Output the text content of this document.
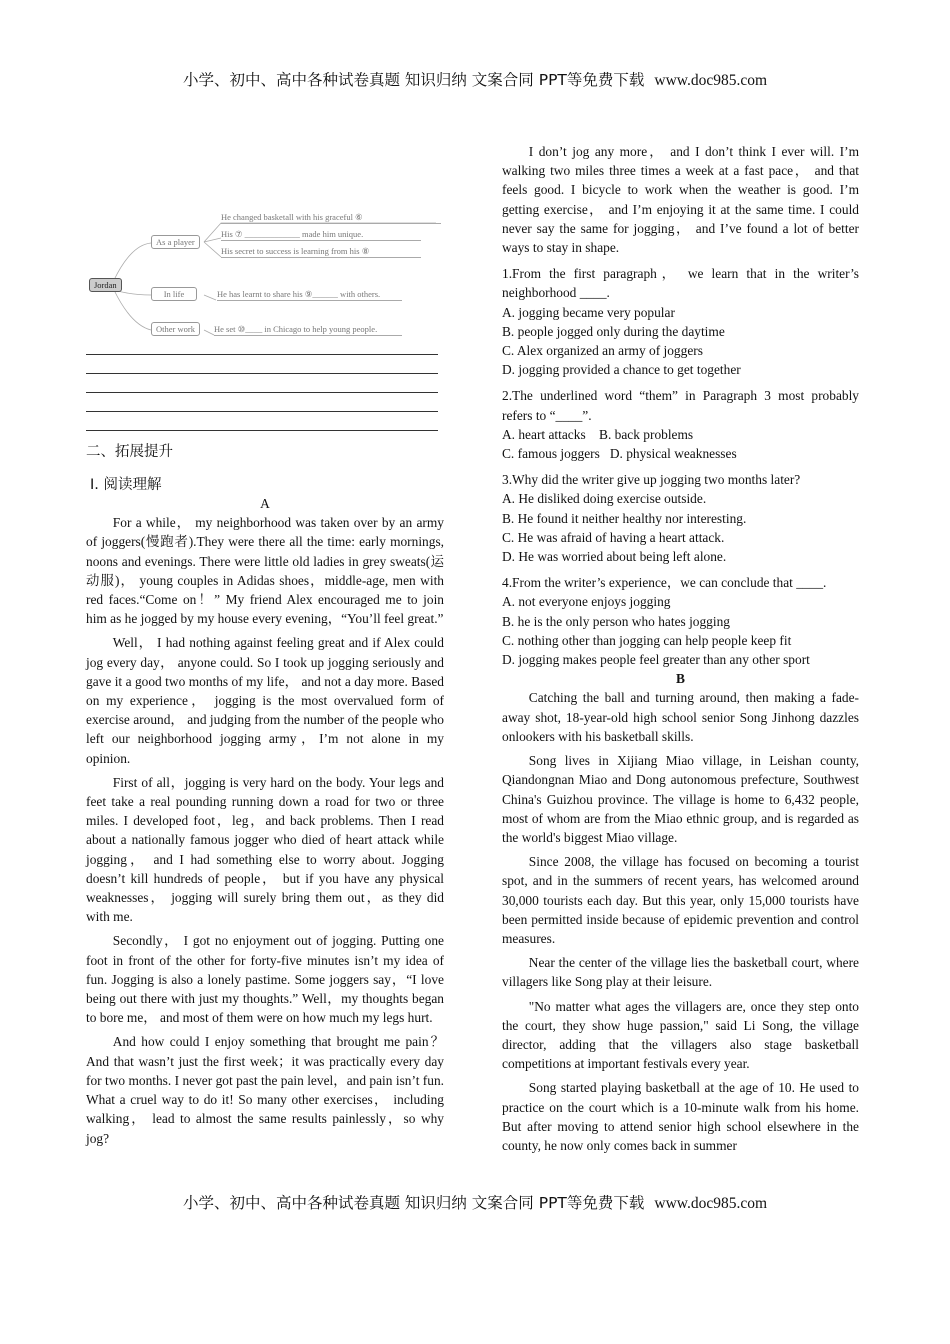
小学、初中、高中各种试卷真题 知识归纳 文案合同 PPT等免费下载 www.doc985.com
Jordan
As a player
In life
Other work
He changed basketall with his graceful ⑥
His ⑦ _____________ made him unique.
His secret to success is learning from his ⑧
He has learnt to share his ⑨______ with others.
He set ⑩____ in Chicago to help young people.
二、拓展提升
Ⅰ. 阅读理解

A

For a while， my neighborhood was taken over by an army of joggers(慢跑者).They were there all the time: early mornings, noons and evenings. There were little old ladies in grey sweats(运动服)， young couples in Adidas shoes，middle-age, men with red faces.“Come on！” My friend Alex encouraged me to join him as he jogged by my house every evening，“You’ll feel great.”

Well， I had nothing against feeling great and if Alex could jog every day， anyone could. So I took up jogging seriously and gave it a good two months of my life， and not a day more. Based on my experience， jogging is the most overvalued form of exercise around， and judging from the number of the people who left our neighborhood jogging army，I’m not alone in my opinion.

First of all，jogging is very hard on the body. Your legs and feet take a real pounding running down a road for two or three miles. I developed foot，leg，and back problems. Then I read about a nationally famous jogger who died of heart attack while jogging， and I had something else to worry about. Jogging doesn’t kill hundreds of people， but if you have any physical weaknesses， jogging will surely bring them out，as they did with me.

Secondly， I got no enjoyment out of jogging. Putting one foot in front of the other for forty-five minutes isn’t my idea of fun. Jogging is also a lonely pastime. Some joggers say，“I love being out there with just my thoughts.” Well，my thoughts began to bore me， and most of them were on how much my legs hurt.

And how could I enjoy something that brought me pain？And that wasn’t just the first week；it was practically every day for two months. I never got past the pain level，and pain isn’t fun. What a cruel way to do it! So many other exercises， including walking， lead to almost the same results painlessly，so why jog?

I don’t jog any more， and I don’t think I ever will. I’m walking two miles three times a week at a fast pace， and that feels good. I bicycle to work when the weather is good. I’m getting exercise， and I’m enjoying it at the same time. I could never say the same for jogging， and I’ve found a lot of better ways to stay in shape.

1.From the first paragraph， we learn that in the writer’s neighborhood ____.

A. jogging became very popular

B. people jogged only during the daytime

C. Alex organized an army of joggers

D. jogging provided a chance to get together

2.The underlined word “them” in Paragraph 3 most probably refers to “____”.

A. heart attacks    B. back problems

C. famous joggers   D. physical weaknesses

3.Why did the writer give up jogging two months later?

A. He disliked doing exercise outside.

B. He found it neither healthy nor interesting.

C. He was afraid of having a heart attack.

D. He was worried about being left alone.

4.From the writer’s experience，we can conclude that ____.

A. not everyone enjoys jogging

B. he is the only person who hates jogging

C. nothing other than jogging can help people keep fit

D. jogging makes people feel greater than any other sport

B

Catching the ball and turning around, then making a fade-away shot, 18-year-old high school senior Song Jinhong dazzles onlookers with his basketball skills.

Song lives in Xijiang Miao village, in Leishan county, Qiandongnan Miao and Dong autonomous prefecture, Southwest China's Guizhou province. The village is home to 6,432 people, most of whom are from the Miao ethnic group, and is regarded as the world's biggest Miao village.

Since 2008, the village has focused on becoming a tourist spot, and in the summers of recent years, has welcomed around 30,000 tourists each day. But this year, only 15,000 tourists have been permitted inside because of epidemic prevention and control measures.

Near the center of the village lies the basketball court, where villagers like Song play at their leisure.

"No matter what ages the villagers are, once they step onto the court, they show huge passion," said Li Song, the village director, adding that the villagers also stage basketball competitions at important festivals every year.

Song started playing basketball at the age of 10. He used to practice on the court which is a 10-minute walk from his home. But after moving to attend senior high school elsewhere in the county, he now only comes back in summer

小学、初中、高中各种试卷真题 知识归纳 文案合同 PPT等免费下载 www.doc985.com
